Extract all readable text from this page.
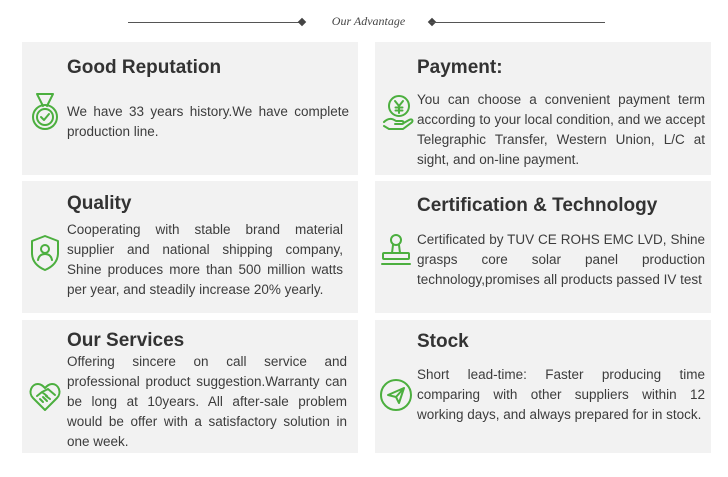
Our Advantage
Good Reputation
We have 33 years history.We have complete production line.
Payment:
You can choose a convenient payment term according to your local condition, and we accept Telegraphic Transfer, Western Union, L/C at sight, and on-line payment.
Quality
Cooperating with stable brand material supplier and national shipping company, Shine produces more than 500 million watts per year, and steadily increase 20% yearly.
Certification & Technology
Certificated by TUV CE ROHS EMC LVD, Shine grasps core solar panel production technology,promises all products passed IV test
Our Services
Offering sincere on call service and professional product suggestion.Warranty can be long at 10years. All after-sale problem would be offer with a satisfactory solution in one week.
Stock
Short lead-time: Faster producing time comparing with other suppliers within 12 working days, and always prepared for in stock.
